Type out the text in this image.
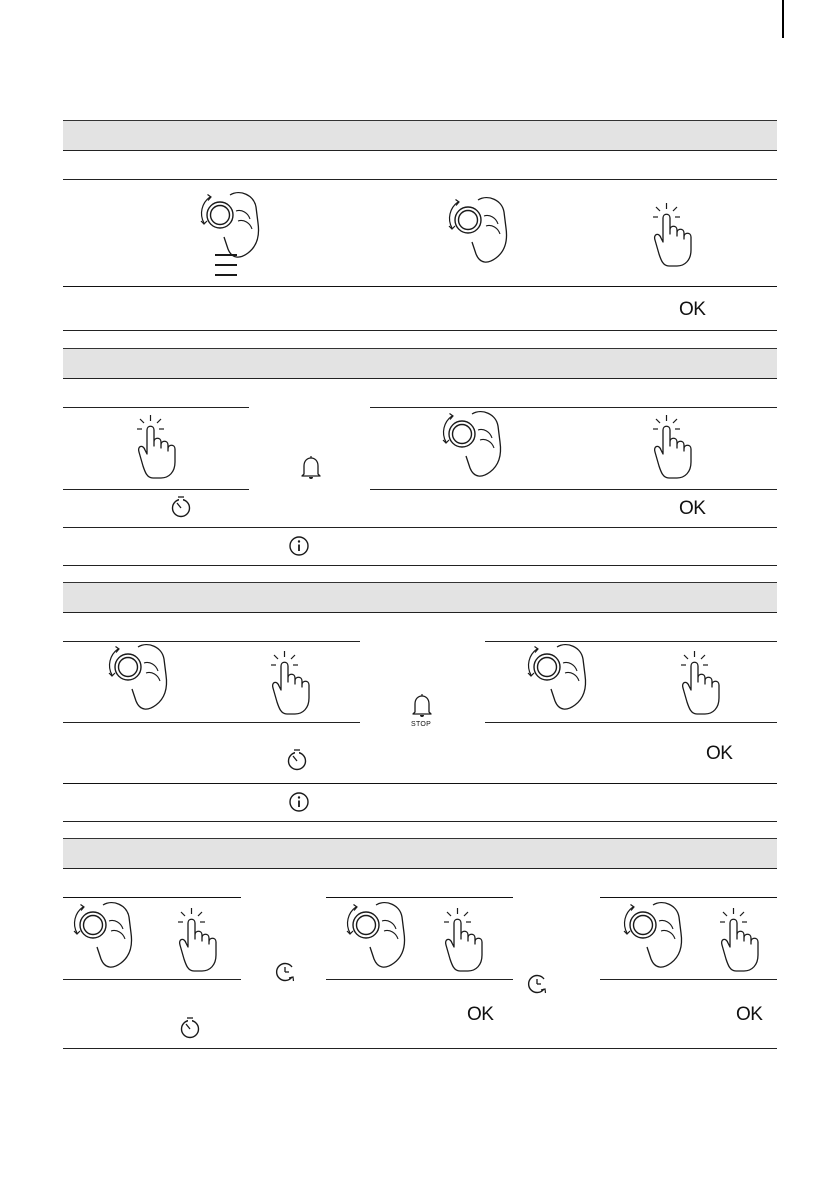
OK
OK
STOP
OK
OK	OK
